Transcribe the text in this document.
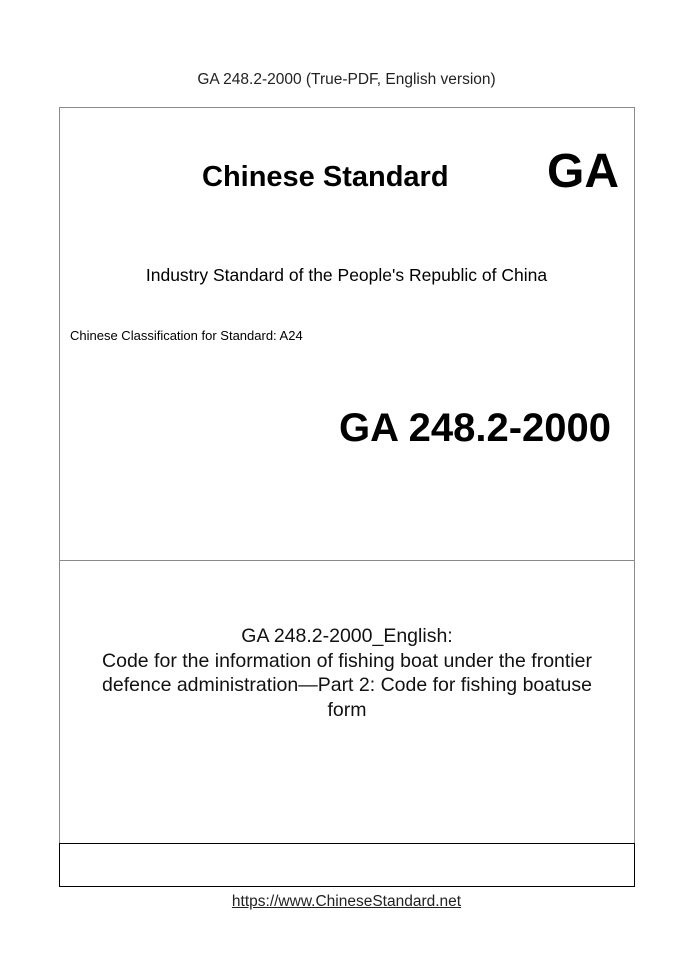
GA 248.2-2000 (True-PDF, English version)
Chinese Standard GA
Industry Standard of the People's Republic of China
Chinese Classification for Standard: A24
GA 248.2-2000
GA 248.2-2000_English:
Code for the information of fishing boat under the frontier
defence administration—Part 2: Code for fishing boatuse
form
https://www.ChineseStandard.net
